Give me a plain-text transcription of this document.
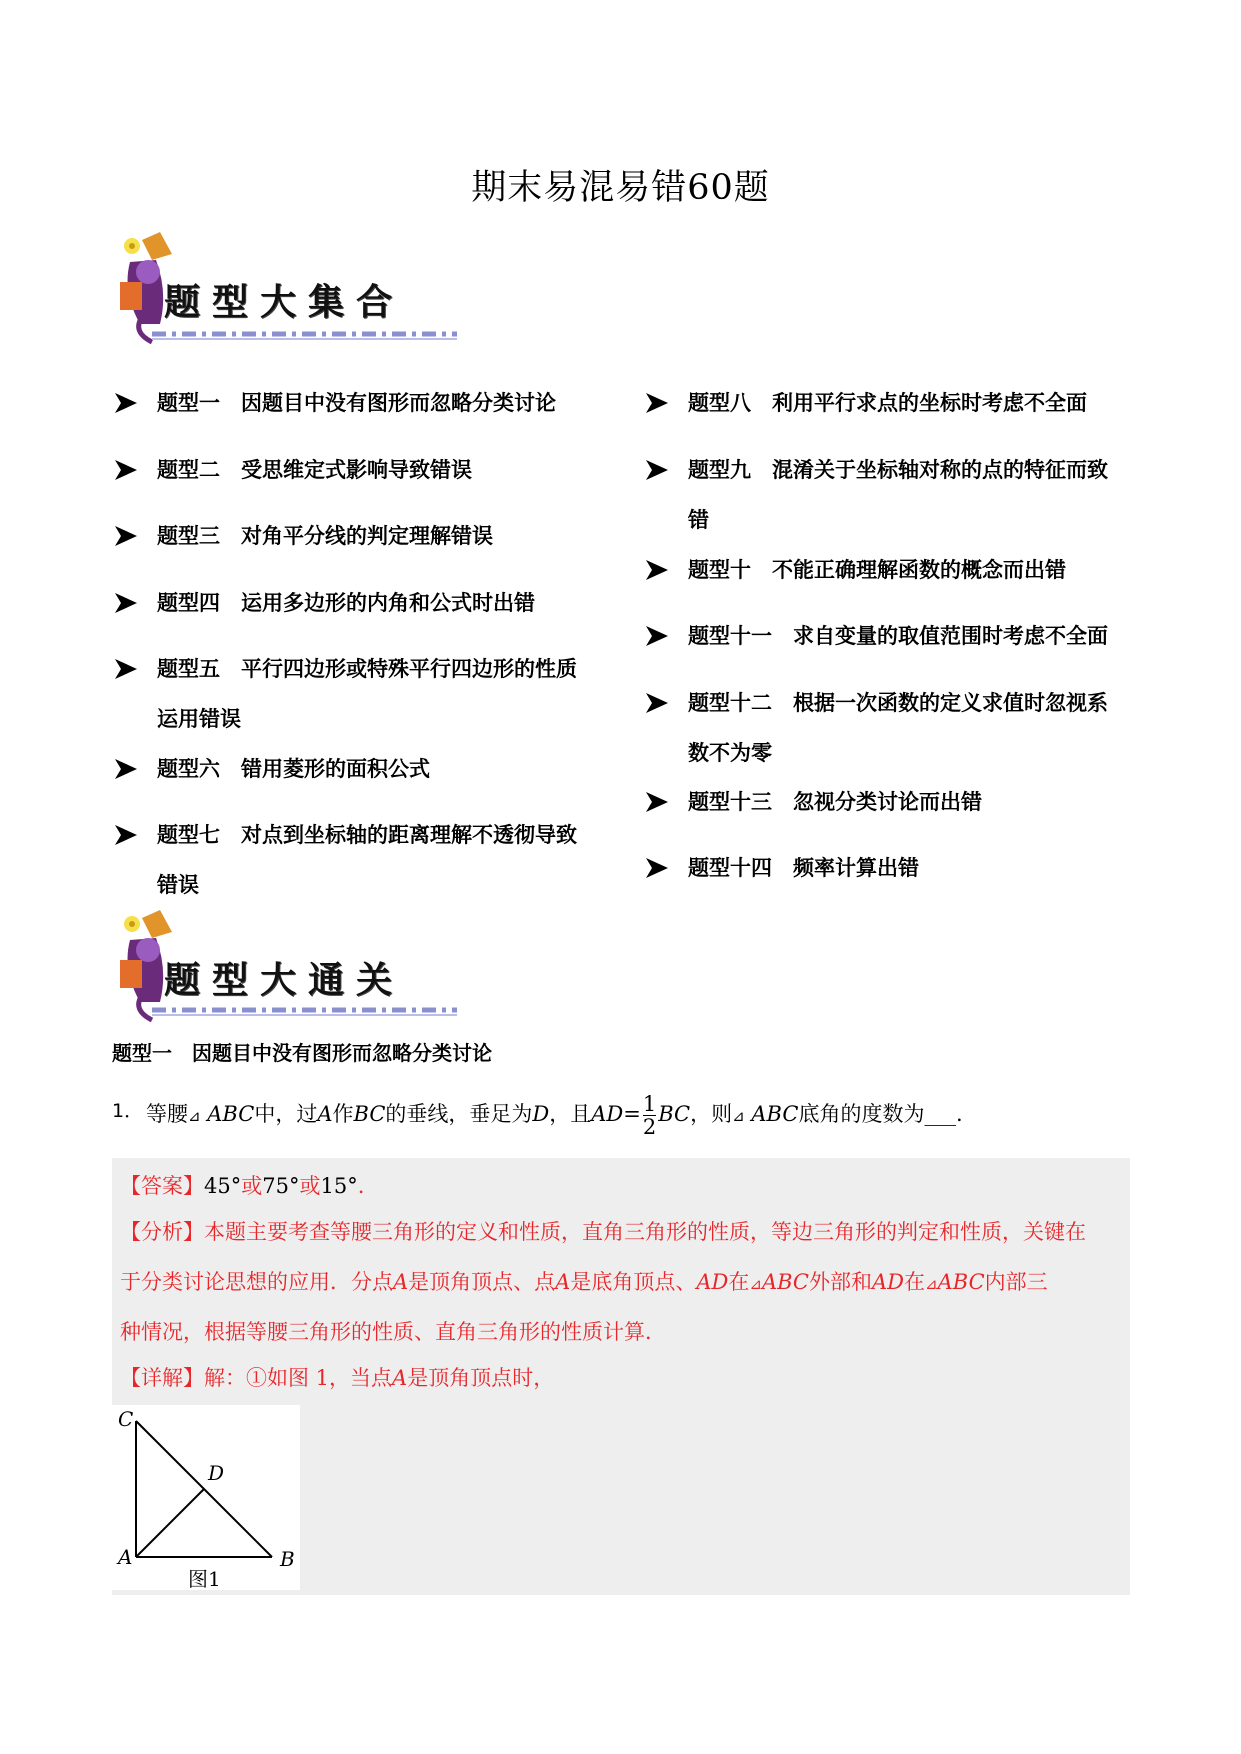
期末易混易错60题
题型大集合
题型一　因题目中没有图形而忽略分类讨论
题型二　受思维定式影响导致错误
题型三　对角平分线的判定理解错误
题型四　运用多边形的内角和公式时出错
题型五　平行四边形或特殊平行四边形的性质
运用错误
题型六　错用菱形的面积公式
题型七　对点到坐标轴的距离理解不透彻导致
错误
题型八　利用平行求点的坐标时考虑不全面
题型九　混淆关于坐标轴对称的点的特征而致
错
题型十　不能正确理解函数的概念而出错
题型十一　求自变量的取值范围时考虑不全面
题型十二　根据一次函数的定义求值时忽视系
数不为零
题型十三　忽视分类讨论而出错
题型十四　频率计算出错
题型大通关
题型一　因题目中没有图形而忽略分类讨论
1． 等腰⊿ ABC中，过A作BC的垂线，垂足为D，且$AD= \frac{1}{2}$ BC，则⊿ ABC底角的度数为___.
【答案】45°或75°或15°.
【分析】本题主要考查等腰三角形的定义和性质，直角三角形的性质，等边三角形的判定和性质，关键在
于分类讨论思想的应用．分点A是顶角顶点、点A是底角顶点、AD在⊿ABC外部和AD在⊿ABC内部三
种情况，根据等腰三角形的性质、直角三角形的性质计算．
【详解】解：①如图 1，当点A是顶角顶点时，
C
D
A	B
图1
